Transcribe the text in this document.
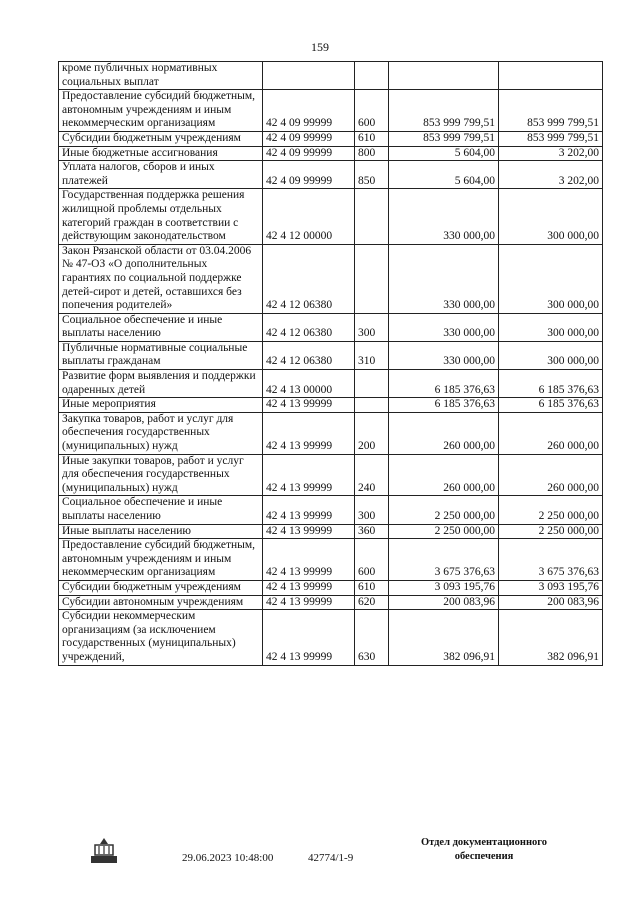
159
кроме публичных нормативных социальных выплат				
Предоставление субсидий бюджетным, автономным учреждениям и иным некоммерческим организациям	42 4 09 99999	600	853 999 799,51	853 999 799,51
Субсидии бюджетным учреждениям	42 4 09 99999	610	853 999 799,51	853 999 799,51
Иные бюджетные ассигнования	42 4 09 99999	800	5 604,00	3 202,00
Уплата налогов, сборов и иных платежей	42 4 09 99999	850	5 604,00	3 202,00
Государственная поддержка решения жилищной проблемы отдельных категорий граждан в соответствии с действующим законодательством	42 4 12 00000		330 000,00	300 000,00
Закон Рязанской области от 03.04.2006 № 47-ОЗ «О дополнительных гарантиях по социальной поддержке детей-сирот и детей, оставшихся без попечения родителей»	42 4 12 06380		330 000,00	300 000,00
Социальное обеспечение и иные выплаты населению	42 4 12 06380	300	330 000,00	300 000,00
Публичные нормативные социальные выплаты гражданам	42 4 12 06380	310	330 000,00	300 000,00
Развитие форм выявления и поддержки одаренных детей	42 4 13 00000		6 185 376,63	6 185 376,63
Иные мероприятия	42 4 13 99999		6 185 376,63	6 185 376,63
Закупка товаров, работ и услуг для обеспечения государственных (муниципальных) нужд	42 4 13 99999	200	260 000,00	260 000,00
Иные закупки товаров, работ и услуг для обеспечения государственных (муниципальных) нужд	42 4 13 99999	240	260 000,00	260 000,00
Социальное обеспечение и иные выплаты населению	42 4 13 99999	300	2 250 000,00	2 250 000,00
Иные выплаты населению	42 4 13 99999	360	2 250 000,00	2 250 000,00
Предоставление субсидий бюджетным, автономным учреждениям и иным некоммерческим организациям	42 4 13 99999	600	3 675 376,63	3 675 376,63
Субсидии бюджетным учреждениям	42 4 13 99999	610	3 093 195,76	3 093 195,76
Субсидии автономным учреждениям	42 4 13 99999	620	200 083,96	200 083,96
Субсидии некоммерческим организациям (за исключением государственных (муниципальных) учреждений,	42 4 13 99999	630	382 096,91	382 096,91
29.06.2023 10:48:00	42774/1-9
Отдел документационного
обеспечения
